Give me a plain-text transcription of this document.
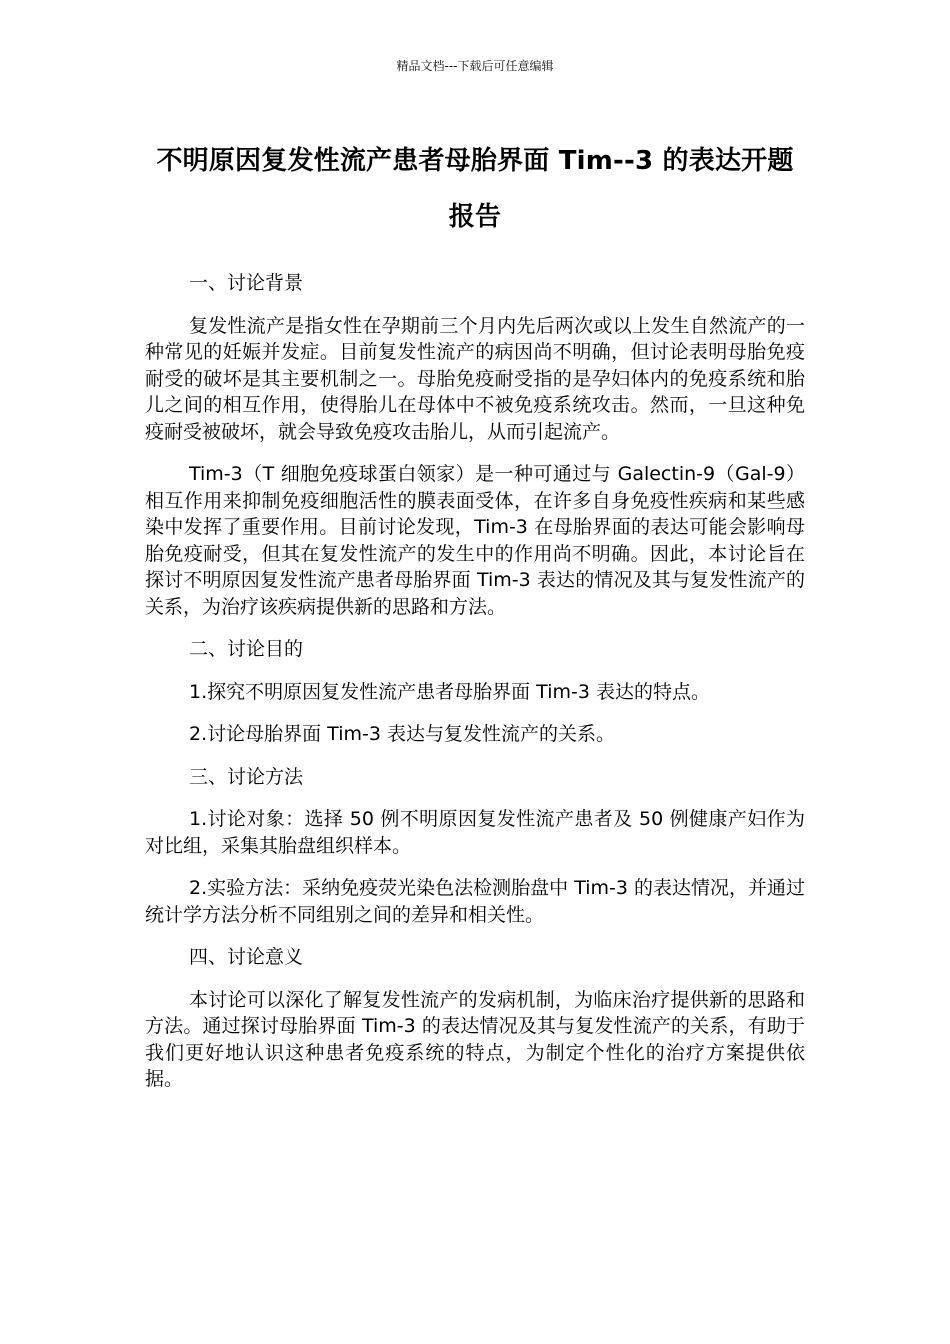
精品文档---下载后可任意编辑
不明原因复发性流产患者母胎界面 Tim--3 的表达开题报告

一、讨论背景

复发性流产是指女性在孕期前三个月内先后两次或以上发生自然流产的一种常见的妊娠并发症。目前复发性流产的病因尚不明确，但讨论表明母胎免疫耐受的破坏是其主要机制之一。母胎免疫耐受指的是孕妇体内的免疫系统和胎儿之间的相互作用，使得胎儿在母体中不被免疫系统攻击。然而，一旦这种免疫耐受被破坏，就会导致免疫攻击胎儿，从而引起流产。

Tim-3（T 细胞免疫球蛋白领家）是一种可通过与 Galectin-9（Gal-9）相互作用来抑制免疫细胞活性的膜表面受体，在许多自身免疫性疾病和某些感染中发挥了重要作用。目前讨论发现，Tim-3 在母胎界面的表达可能会影响母胎免疫耐受，但其在复发性流产的发生中的作用尚不明确。因此，本讨论旨在探讨不明原因复发性流产患者母胎界面 Tim-3 表达的情况及其与复发性流产的关系，为治疗该疾病提供新的思路和方法。

二、讨论目的

1.探究不明原因复发性流产患者母胎界面 Tim-3 表达的特点。

2.讨论母胎界面 Tim-3 表达与复发性流产的关系。

三、讨论方法

1.讨论对象：选择 50 例不明原因复发性流产患者及 50 例健康产妇作为对比组，采集其胎盘组织样本。

2.实验方法：采纳免疫荧光染色法检测胎盘中 Tim-3 的表达情况，并通过统计学方法分析不同组别之间的差异和相关性。

四、讨论意义

本讨论可以深化了解复发性流产的发病机制，为临床治疗提供新的思路和方法。通过探讨母胎界面 Tim-3 的表达情况及其与复发性流产的关系，有助于我们更好地认识这种患者免疫系统的特点，为制定个性化的治疗方案提供依据。
